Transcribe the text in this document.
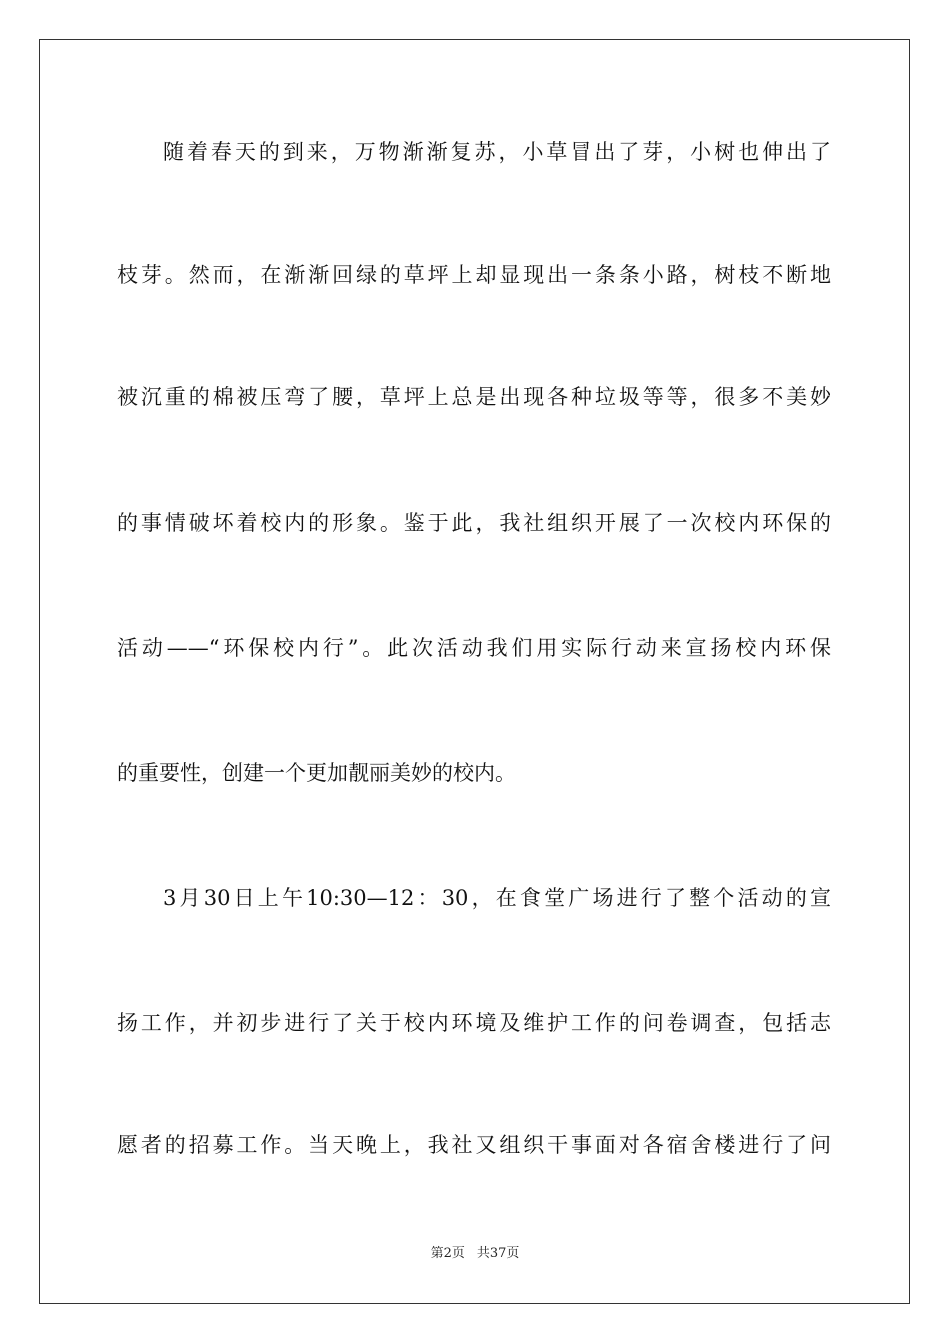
随着春天的到来，万物渐渐复苏，小草冒出了芽，小树也伸出了
枝芽。然而，在渐渐回绿的草坪上却显现出一条条小路，树枝不断地
被沉重的棉被压弯了腰，草坪上总是出现各种垃圾等等，很多不美妙
的事情破坏着校内的形象。鉴于此，我社组织开展了一次校内环保的
活动——“环保校内行”。此次活动我们用实际行动来宣扬校内环保
的重要性，创建一个更加靓丽美妙的校内。
3月30日上午10:30—12：30，在食堂广场进行了整个活动的宣
扬工作，并初步进行了关于校内环境及维护工作的问卷调查，包括志
愿者的招募工作。当天晚上，我社又组织干事面对各宿舍楼进行了问
第2页 共37页
